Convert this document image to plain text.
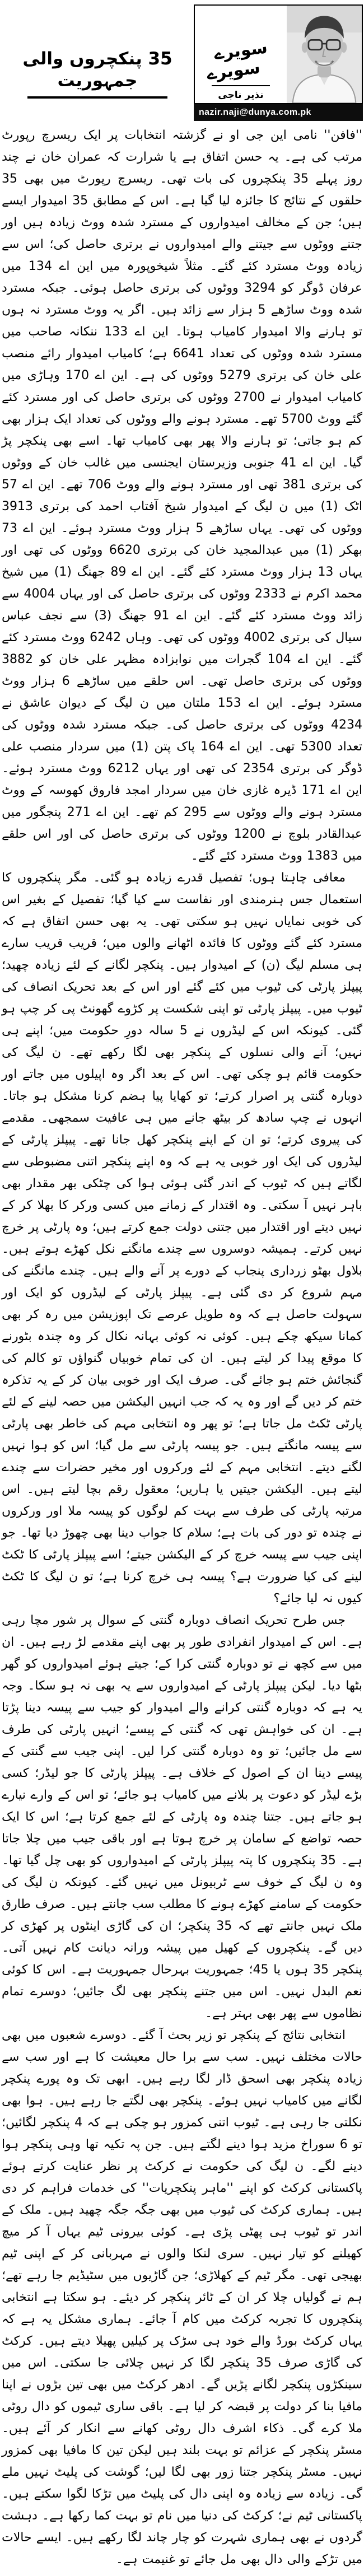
35 پنکچروں والی جمہوریت
سویرے
سویرے
نذیر ناجی
nazir.naji@dunya.com.pk

''فافن'' نامی این جی او نے گزشتہ انتخابات پر ایک ریسرچ رپورٹ مرتب کی ہے۔ یہ حسن اتفاق ہے یا شرارت کہ عمران خان نے چند روز پہلے 35 پنکچروں کی بات تھی۔ ریسرچ رپورٹ میں بھی 35 حلقوں کے نتائج کا جائزہ لیا گیا ہے۔ اس کے مطابق 35 امیدوار ایسے ہیں؛ جن کے مخالف امیدواروں کے مسترد شدہ ووٹ زیادہ ہیں اور جتنے ووٹوں سے جیتنے والے امیدواروں نے برتری حاصل کی؛ اس سے زیادہ ووٹ مسترد کئے گئے۔ مثلاً شیخوپورہ میں این اے 134 میں عرفان ڈوگر کو 3294 ووٹوں کی برتری حاصل ہوئی۔ جبکہ مسترد شدہ ووٹ ساڑھے 5 ہزار سے زائد ہیں۔ اگر یہ ووٹ مسترد نہ ہوں تو ہارنے والا امیدوار کامیاب ہوتا۔ این اے 133 ننکانہ صاحب میں مسترد شدہ ووٹوں کی تعداد 6641 ہے؛ کامیاب امیدوار رائے منصب علی خان کی برتری 5279 ووٹوں کی ہے۔ این اے 170 وہاڑی میں کامیاب امیدوار نے 2700 ووٹوں کی برتری حاصل کی اور مسترد کئے گئے ووٹ 5700 تھے۔ مسترد ہونے والے ووٹوں کی تعداد ایک ہزار بھی کم ہو جاتی؛ تو ہارنے والا پھر بھی کامیاب تھا۔ اسے بھی پنکچر پڑ گیا۔ این اے 41 جنوبی وزیرستان ایجنسی میں غالب خان کے ووٹوں کی برتری 381 تھی اور مسترد ہونے والے ووٹ 706 تھے۔ این اے 57 اٹک (1) میں ن لیگ کے امیدوار شیخ آفتاب احمد کی برتری 3913 ووٹوں کی تھی۔ یہاں ساڑھے 5 ہزار ووٹ مسترد ہوئے۔ این اے 73 بھکر (1) میں عبدالمجید خان کی برتری 6620 ووٹوں کی تھی اور یہاں 13 ہزار ووٹ مسترد کئے گئے۔ این اے 89 جھنگ (1) میں شیخ محمد اکرم نے 2333 ووٹوں کی برتری حاصل کی اور یہاں 4004 سے زائد ووٹ مسترد کئے گئے۔ این اے 91 جھنگ (3) سے نجف عباس سیال کی برتری 4002 ووٹوں کی تھی۔ وہاں 6242 ووٹ مسترد کئے گئے۔ این اے 104 گجرات میں نوابزادہ مظہر علی خان کو 3882 ووٹوں کی برتری حاصل تھی۔ اس حلقے میں ساڑھے 6 ہزار ووٹ مسترد ہوئے۔ این اے 153 ملتان میں ن لیگ کے دیوان عاشق نے 4234 ووٹوں کی برتری حاصل کی۔ جبکہ مسترد شدہ ووٹوں کی تعداد 5300 تھی۔ این اے 164 پاک پتن (1) میں سردار منصب علی ڈوگر کی برتری 2354 کی تھی اور یہاں 6212 ووٹ مسترد ہوئے۔ این اے 171 ڈیرہ غازی خان میں سردار امجد فاروق کھوسہ کے ووٹ مسترد ہونے والے ووٹوں سے 295 کم تھے۔ این اے 271 پنجگور میں عبدالقادر بلوچ نے 1200 ووٹوں کی برتری حاصل کی اور اس حلقے میں 1383 ووٹ مسترد کئے گئے۔

معافی چاہتا ہوں؛ تفصیل قدرے زیادہ ہو گئی۔ مگر پنکچروں کا استعمال جس ہنرمندی اور نفاست سے کیا گیا؛ تفصیل کے بغیر اس کی خوبی نمایاں نہیں ہو سکتی تھی۔ یہ بھی حسن اتفاق ہے کہ مسترد کئے گئے ووٹوں کا فائدہ اٹھانے والوں میں؛ قریب قریب سارے ہی مسلم لیگ (ن) کے امیدوار ہیں۔ پنکچر لگانے کے لئے زیادہ چھید؛ پیپلز پارٹی کی ٹیوب میں کئے گئے اور اس کے بعد تحریک انصاف کی ٹیوب میں۔ پیپلز پارٹی تو اپنی شکست پر کڑوے گھونٹ پی کر چپ ہو گئی۔ کیونکہ اس کے لیڈروں نے 5 سالہ دورِ حکومت میں؛ اپنے ہی نہیں؛ آنے والی نسلوں کے پنکچر بھی لگا رکھے تھے۔ ن لیگ کی حکومت قائم ہو چکی تھی۔ اس کے بعد اگر وہ اپیلوں میں جاتے اور دوبارہ گنتی پر اصرار کرتے؛ تو کھایا پیا ہضم کرنا مشکل ہو جاتا۔ انہوں نے چپ سادھ کر بیٹھ جانے میں ہی عافیت سمجھی۔ مقدمے کی پیروی کرتے؛ تو ان کے اپنے پنکچر کھل جانا تھے۔ پیپلز پارٹی کے لیڈروں کی ایک اور خوبی یہ ہے کہ وہ اپنے پنکچر اتنی مضبوطی سے لگاتے ہیں کہ ٹیوب کے اندر گئی ہوئی ہوا کی چٹکی بھر مقدار بھی باہر نہیں آ سکتی۔ وہ اقتدار کے زمانے میں کسی ورکر کا بھلا کر کے نہیں دیتے اور اقتدار میں جتنی دولت جمع کرتے ہیں؛ وہ پارٹی پر خرچ نہیں کرتے۔ ہمیشہ دوسروں سے چندے مانگنے نکل کھڑے ہوتے ہیں۔ بلاول بھٹو زرداری پنجاب کے دورے پر آنے والے ہیں۔ چندے مانگنے کی مہم شروع کر دی گئی ہے۔ پیپلز پارٹی کے لیڈروں کو ایک اور سہولت حاصل ہے کہ وہ طویل عرصے تک اپوزیشن میں رہ کر بھی کمانا سیکھ چکے ہیں۔ کوئی نہ کوئی بہانہ نکال کر وہ چندہ بٹورنے کا موقع پیدا کر لیتے ہیں۔ ان کی تمام خوبیاں گنواؤں تو کالم کی گنجائش ختم ہو جائے گی۔ صرف ایک اور خوبی بیان کر کے یہ تذکرہ ختم کر دیں گے اور وہ یہ کہ جب انہیں الیکشن میں حصہ لینے کے لئے پارٹی ٹکٹ مل جاتا ہے؛ تو پھر وہ انتخابی مہم کی خاطر بھی پارٹی سے پیسہ مانگتے ہیں۔ جو پیسہ پارٹی سے مل گیا؛ اس کو ہوا نہیں لگنے دیتے۔ انتخابی مہم کے لئے ورکروں اور مخیر حضرات سے چندے لیتے ہیں۔ الیکشن جیتیں یا ہاریں؛ معقول رقم بچا لیتے ہیں۔ اس مرتبہ پارٹی کی طرف سے بہت کم لوگوں کو پیسہ ملا اور ورکروں نے چندہ تو دور کی بات ہے؛ سلام کا جواب دینا بھی چھوڑ دیا تھا۔ جو اپنی جیب سے پیسہ خرچ کر کے الیکشن جیتے؛ اسے پیپلز پارٹی کا ٹکٹ لینے کی کیا ضرورت ہے؟ پیسہ ہی خرچ کرنا ہے؛ تو ن لیگ کا ٹکٹ کیوں نہ لیا جائے؟

جس طرح تحریک انصاف دوبارہ گنتی کے سوال پر شور مچا رہی ہے۔ اس کے امیدوار انفرادی طور پر بھی اپنے مقدمے لڑ رہے ہیں۔ ان میں سے کچھ نے تو دوبارہ گنتی کرا کے؛ جیتے ہوئے امیدواروں کو گھر بٹھا دیا۔ لیکن پیپلز پارٹی کے امیدواروں سے یہ بھی نہ ہو سکا۔ وجہ یہ ہے کہ دوبارہ گنتی کرانے والے امیدوار کو جیب سے پیسہ دینا پڑتا ہے۔ ان کی خواہش تھی کہ گنتی کے پیسے؛ انہیں پارٹی کی طرف سے مل جائیں؛ تو وہ دوبارہ گنتی کرا لیں۔ اپنی جیب سے گنتی کے پیسے دینا ان کے اصول کے خلاف ہے۔ پیپلز پارٹی کا جو لیڈر؛ کسی بڑے لیڈر کو دعوت پر بلانے میں کامیاب ہو جائے؛ تو اس کے وارے نیارے ہو جاتے ہیں۔ جتنا چندہ وہ پارٹی کے لئے جمع کرتا ہے؛ اس کا ایک حصہ تواضع کے سامان پر خرچ ہوتا ہے اور باقی جیب میں چلا جاتا ہے۔ 35 پنکچروں کا پتہ پیپلز پارٹی کے امیدواروں کو بھی چل گیا تھا۔ وہ ن لیگ کے خوف سے ٹربیونل میں نہیں گئے۔ کیونکہ ن لیگ کی حکومت کے سامنے کھڑے ہونے کا مطلب سب جانتے ہیں۔ صرف طارق ملک نہیں جانتے تھے کہ 35 پنکچر؛ ان کی گاڑی اینٹوں پر کھڑی کر دیں گے۔ پنکچروں کے کھیل میں پیشہ ورانہ دیانت کام نہیں آتی۔ پنکچر 35 ہوں یا 45؛ جمہوریت بہرحال جمہوریت ہے۔ اس کا کوئی نعم البدل نہیں۔ اس میں جتنے پنکچر بھی لگ جائیں؛ دوسرے تمام نظاموں سے پھر بھی بہتر ہے۔

انتخابی نتائج کے پنکچر تو زیر بحث آ گئے۔ دوسرے شعبوں میں بھی حالات مختلف نہیں۔ سب سے برا حال معیشت کا ہے اور سب سے زیادہ پنکچر بھی اسحق ڈار لگا رہے ہیں۔ ابھی تک وہ پورے پنکچر لگانے میں کامیاب نہیں ہوئے۔ پنکچر بھی لگتے جا رہے ہیں۔ ہوا بھی نکلتی جا رہی ہے۔ ٹیوب اتنی کمزور ہو چکی ہے کہ 4 پنکچر لگائیں؛ تو 6 سوراخ مزید ہوا دینے لگتے ہیں۔ جن پہ تکیہ تھا وہی پنکچر ہوا دینے لگے۔ ن لیگ کی حکومت نے کرکٹ پر نظر عنایت کرتے ہوئے پاکستانی کرکٹ کو اپنے ''ماہر پنکچریات'' کی خدمات فراہم کر دی ہیں۔ ہماری کرکٹ کی ٹیوب میں بھی جگہ جگہ چھید ہیں۔ ملک کے اندر تو ٹیوب ہی پھٹی پڑی ہے۔ کوئی بیرونی ٹیم یہاں آ کر میچ کھیلنے کو تیار نہیں۔ سری لنکا والوں نے مہربانی کر کے اپنی ٹیم بھیجی تھی۔ مگر ٹیم کے کھلاڑی؛ جن گاڑیوں میں سٹیڈیم جا رہے تھے؛ ہم نے گولیاں چلا کر ان کے ٹائر پنکچر کر دیئے۔ ہو سکتا ہے انتخابی پنکچروں کا تجربہ کرکٹ میں کام آ جائے۔ ہماری مشکل یہ ہے کہ یہاں کرکٹ بورڈ والے خود ہی سڑک پر کیلیں پھیلا دیتے ہیں۔ کرکٹ کی گاڑی صرف 35 پنکچر لگا کر نہیں چلائی جا سکتی۔ اس میں سینکڑوں پنکچر لگانے پڑیں گے۔ ادھر کرکٹ میں بھی تین بڑوں نے اپنا مافیا بنا کر دولت پر قبضہ کر لیا ہے۔ باقی ساری ٹیموں کو دال روٹی ملا کرے گی۔ ذکاء اشرف دال روٹی کھانے سے انکار کر آئے ہیں۔ مسٹر پنکچر کے عزائم تو بہت بلند ہیں لیکن تین کا مافیا بھی کمزور نہیں۔ مسٹر پنکچر جتنا زور بھی لگا لیں؛ گوشت کی پلیٹ نہیں ملے گی۔ زیادہ سے زیادہ وہ اپنی دال کی پلیٹ میں تڑکا لگوا سکتے ہیں۔ پاکستانی ٹیم نے؛ کرکٹ کی دنیا میں نام تو بہت کما رکھا ہے۔ دہشت گردوں نے بھی ہماری شہرت کو چار چاند لگا رکھے ہیں۔ ایسے حالات میں تڑکے والی دال بھی مل جائے تو غنیمت ہے۔
